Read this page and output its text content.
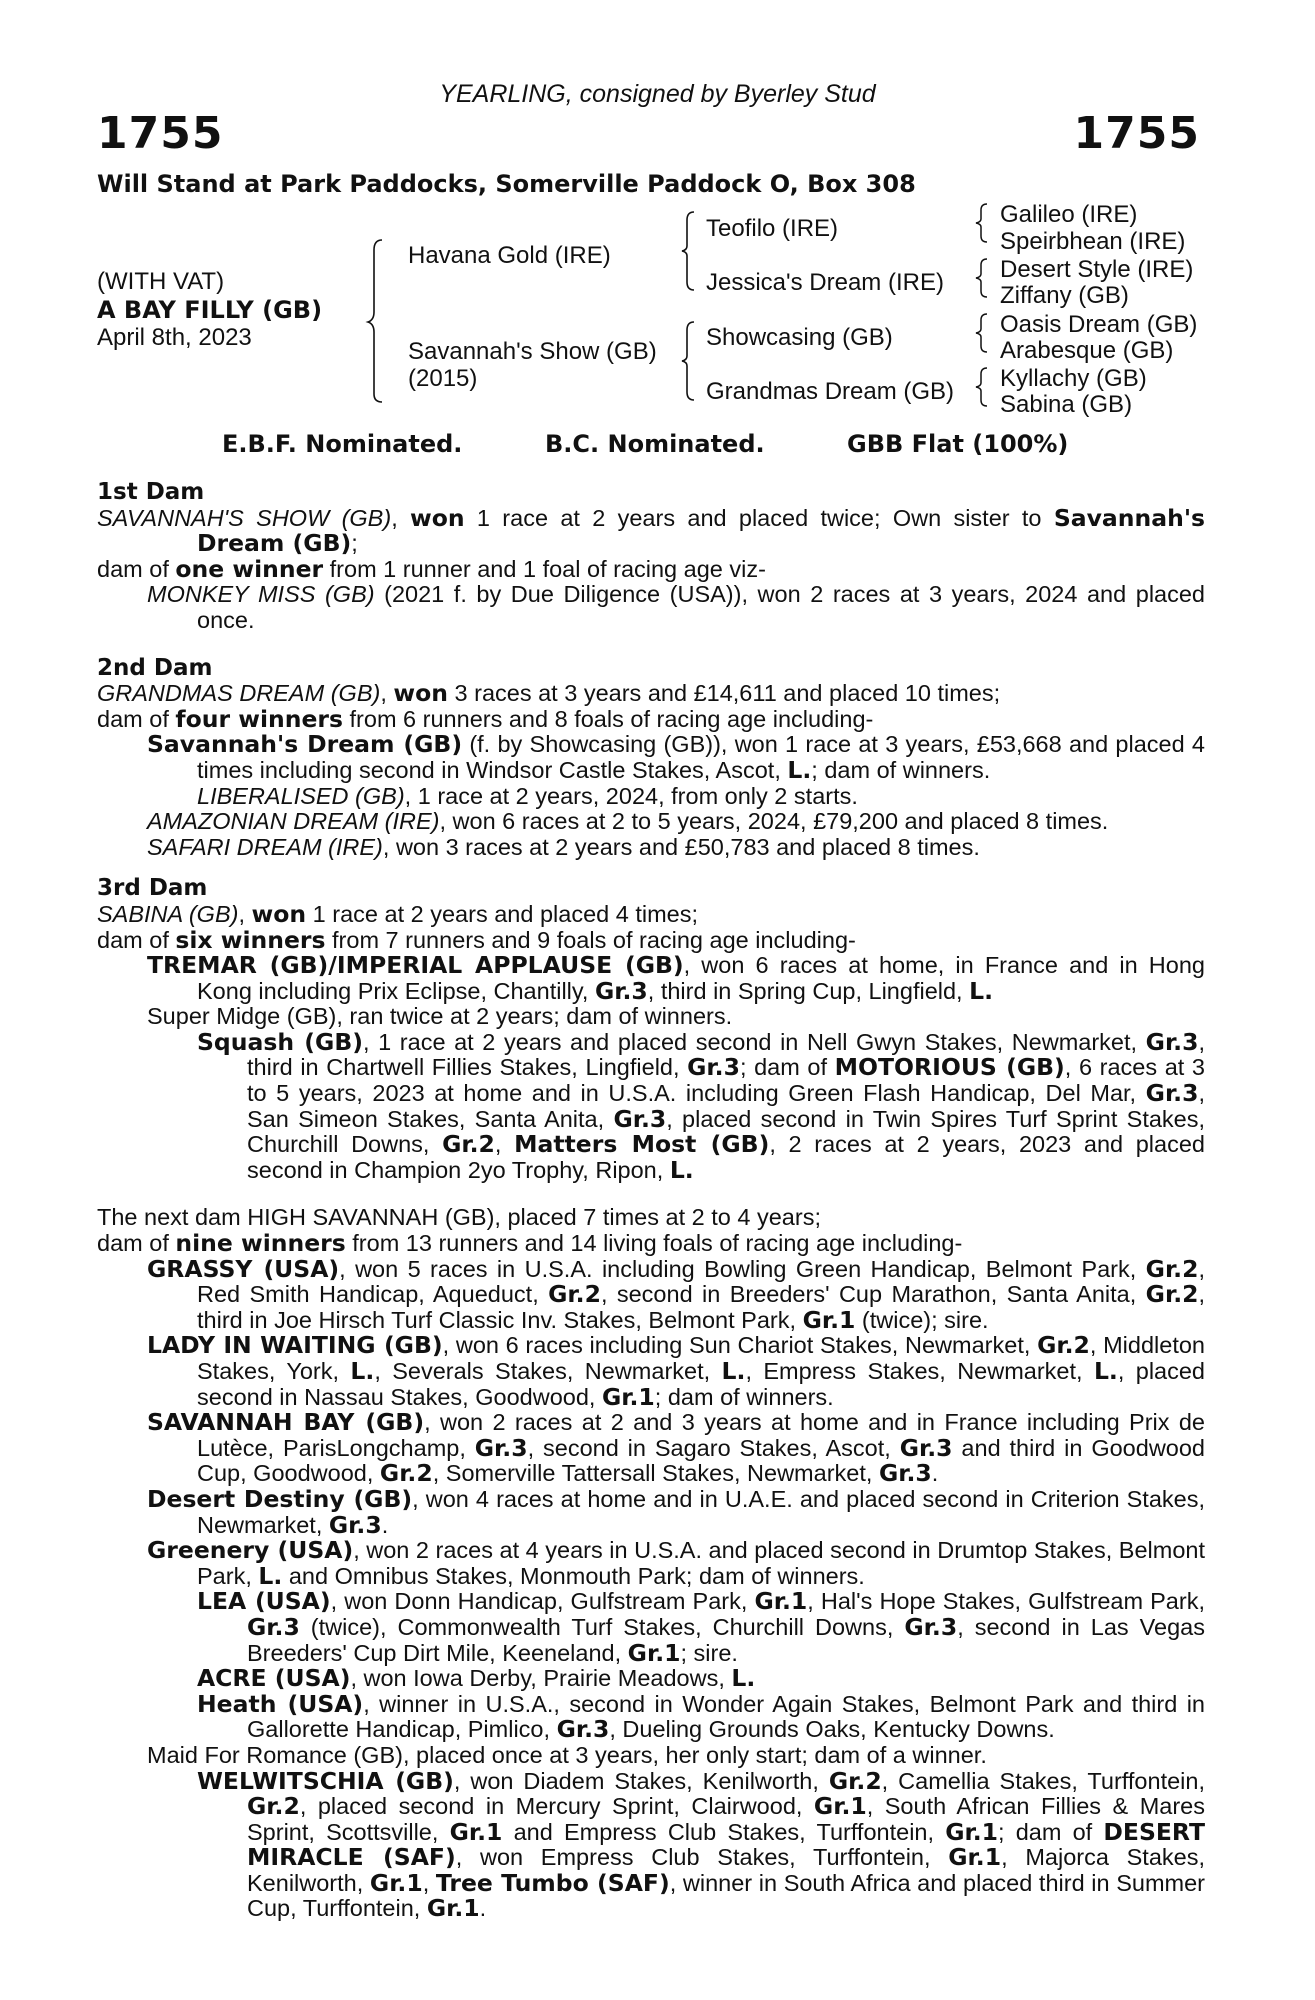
YEARLING, consigned by Byerley Stud
1755	1755
Will Stand at Park Paddocks, Somerville Paddock O, Box 308
(WITH VAT)
A BAY FILLY (GB)
April 8th, 2023
Havana Gold (IRE)
Savannah's Show (GB)
(2015)
Teofilo (IRE)
Jessica's Dream (IRE)
Showcasing (GB)
Grandmas Dream (GB)
Galileo (IRE)
Speirbhean (IRE)
Desert Style (IRE)
Ziffany (GB)
Oasis Dream (GB)
Arabesque (GB)
Kyllachy (GB)
Sabina (GB)
E.B.F. Nominated.	B.C. Nominated.	GBB Flat (100%)
1st Dam
SAVANNAH'S SHOW (GB), won 1 race at 2 years and placed twice; Own sister to Savannah's Dream (GB);
dam of one winner from 1 runner and 1 foal of racing age viz-
MONKEY MISS (GB) (2021 f. by Due Diligence (USA)), won 2 races at 3 years, 2024 and placed once.
2nd Dam
GRANDMAS DREAM (GB), won 3 races at 3 years and £14,611 and placed 10 times;
dam of four winners from 6 runners and 8 foals of racing age including-
Savannah's Dream (GB) (f. by Showcasing (GB)), won 1 race at 3 years, £53,668 and placed 4 times including second in Windsor Castle Stakes, Ascot, L.; dam of winners.
LIBERALISED (GB), 1 race at 2 years, 2024, from only 2 starts.
AMAZONIAN DREAM (IRE), won 6 races at 2 to 5 years, 2024, £79,200 and placed 8 times.
SAFARI DREAM (IRE), won 3 races at 2 years and £50,783 and placed 8 times.
3rd Dam
SABINA (GB), won 1 race at 2 years and placed 4 times;
dam of six winners from 7 runners and 9 foals of racing age including-
TREMAR (GB)/IMPERIAL APPLAUSE (GB), won 6 races at home, in France and in Hong Kong including Prix Eclipse, Chantilly, Gr.3, third in Spring Cup, Lingfield, L.
Super Midge (GB), ran twice at 2 years; dam of winners.
Squash (GB), 1 race at 2 years and placed second in Nell Gwyn Stakes, Newmarket, Gr.3, third in Chartwell Fillies Stakes, Lingfield, Gr.3; dam of MOTORIOUS (GB), 6 races at 3 to 5 years, 2023 at home and in U.S.A. including Green Flash Handicap, Del Mar, Gr.3, San Simeon Stakes, Santa Anita, Gr.3, placed second in Twin Spires Turf Sprint Stakes, Churchill Downs, Gr.2, Matters Most (GB), 2 races at 2 years, 2023 and placed second in Champion 2yo Trophy, Ripon, L.
The next dam HIGH SAVANNAH (GB), placed 7 times at 2 to 4 years;
dam of nine winners from 13 runners and 14 living foals of racing age including-
GRASSY (USA), won 5 races in U.S.A. including Bowling Green Handicap, Belmont Park, Gr.2, Red Smith Handicap, Aqueduct, Gr.2, second in Breeders' Cup Marathon, Santa Anita, Gr.2, third in Joe Hirsch Turf Classic Inv. Stakes, Belmont Park, Gr.1 (twice); sire.
LADY IN WAITING (GB), won 6 races including Sun Chariot Stakes, Newmarket, Gr.2, Middleton Stakes, York, L., Severals Stakes, Newmarket, L., Empress Stakes, Newmarket, L., placed second in Nassau Stakes, Goodwood, Gr.1; dam of winners.
SAVANNAH BAY (GB), won 2 races at 2 and 3 years at home and in France including Prix de Lutèce, ParisLongchamp, Gr.3, second in Sagaro Stakes, Ascot, Gr.3 and third in Goodwood Cup, Goodwood, Gr.2, Somerville Tattersall Stakes, Newmarket, Gr.3.
Desert Destiny (GB), won 4 races at home and in U.A.E. and placed second in Criterion Stakes, Newmarket, Gr.3.
Greenery (USA), won 2 races at 4 years in U.S.A. and placed second in Drumtop Stakes, Belmont Park, L. and Omnibus Stakes, Monmouth Park; dam of winners.
LEA (USA), won Donn Handicap, Gulfstream Park, Gr.1, Hal's Hope Stakes, Gulfstream Park, Gr.3 (twice), Commonwealth Turf Stakes, Churchill Downs, Gr.3, second in Las Vegas Breeders' Cup Dirt Mile, Keeneland, Gr.1; sire.
ACRE (USA), won Iowa Derby, Prairie Meadows, L.
Heath (USA), winner in U.S.A., second in Wonder Again Stakes, Belmont Park and third in Gallorette Handicap, Pimlico, Gr.3, Dueling Grounds Oaks, Kentucky Downs.
Maid For Romance (GB), placed once at 3 years, her only start; dam of a winner.
WELWITSCHIA (GB), won Diadem Stakes, Kenilworth, Gr.2, Camellia Stakes, Turffontein, Gr.2, placed second in Mercury Sprint, Clairwood, Gr.1, South African Fillies & Mares Sprint, Scottsville, Gr.1 and Empress Club Stakes, Turffontein, Gr.1; dam of DESERT MIRACLE (SAF), won Empress Club Stakes, Turffontein, Gr.1, Majorca Stakes, Kenilworth, Gr.1, Tree Tumbo (SAF), winner in South Africa and placed third in Summer Cup, Turffontein, Gr.1.
